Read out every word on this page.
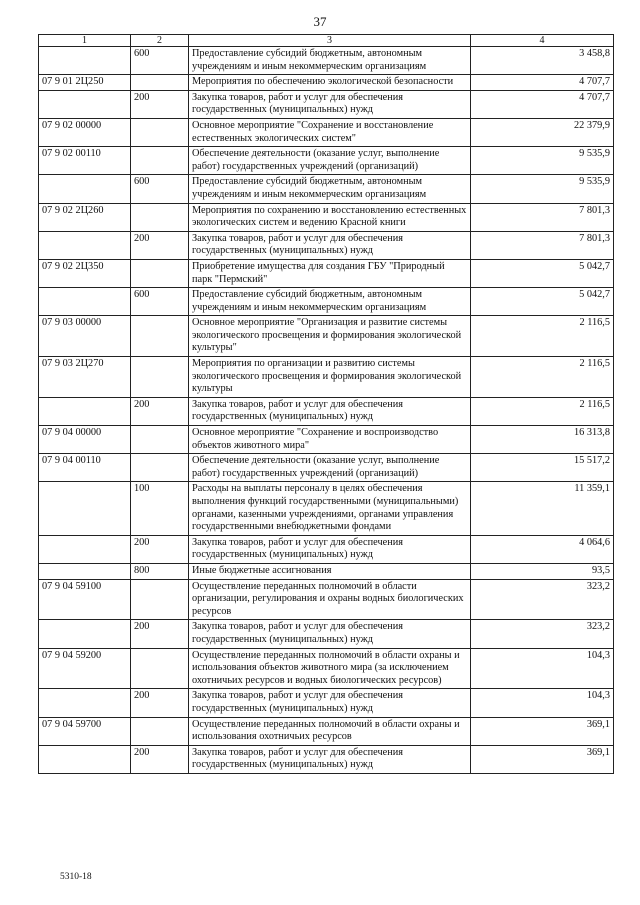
37
1	2	3	4
	600	Предоставление субсидий бюджетным, автономным учреждениям и иным некоммерческим организациям	3 458,8
07 9 01 2Ц250		Мероприятия по обеспечению экологической безопасности	4 707,7
	200	Закупка товаров, работ и услуг для обеспечения государственных (муниципальных) нужд	4 707,7
07 9 02 00000		Основное мероприятие "Сохранение и восстановление естественных экологических систем"	22 379,9
07 9 02 00110		Обеспечение деятельности (оказание услуг, выполнение работ) государственных учреждений (организаций)	9 535,9
	600	Предоставление субсидий бюджетным, автономным учреждениям и иным некоммерческим организациям	9 535,9
07 9 02 2Ц260		Мероприятия по сохранению и восстановлению естественных экологических систем и ведению Красной книги	7 801,3
	200	Закупка товаров, работ и услуг для обеспечения государственных (муниципальных) нужд	7 801,3
07 9 02 2Ц350		Приобретение имущества для создания ГБУ "Природный парк "Пермский"	5 042,7
	600	Предоставление субсидий бюджетным, автономным учреждениям и иным некоммерческим организациям	5 042,7
07 9 03 00000		Основное мероприятие "Организация и развитие системы экологического просвещения и формирования экологической культуры"	2 116,5
07 9 03 2Ц270		Мероприятия по организации и развитию системы экологического просвещения и формирования экологической культуры	2 116,5
	200	Закупка товаров, работ и услуг для обеспечения государственных (муниципальных) нужд	2 116,5
07 9 04 00000		Основное мероприятие "Сохранение и воспроизводство объектов животного мира"	16 313,8
07 9 04 00110		Обеспечение деятельности (оказание услуг, выполнение работ) государственных учреждений (организаций)	15 517,2
	100	Расходы на выплаты персоналу в целях обеспечения выполнения функций государственными (муниципальными) органами, казенными учреждениями, органами управления государственными внебюджетными фондами	11 359,1
	200	Закупка товаров, работ и услуг для обеспечения государственных (муниципальных) нужд	4 064,6
	800	Иные бюджетные ассигнования	93,5
07 9 04 59100		Осуществление переданных полномочий в области организации, регулирования и охраны водных биологических ресурсов	323,2
	200	Закупка товаров, работ и услуг для обеспечения государственных (муниципальных) нужд	323,2
07 9 04 59200		Осуществление переданных полномочий в области охраны и использования объектов животного мира (за исключением охотничьих ресурсов и водных биологических ресурсов)	104,3
	200	Закупка товаров, работ и услуг для обеспечения государственных (муниципальных) нужд	104,3
07 9 04 59700		Осуществление переданных полномочий в области охраны и использования охотничьих ресурсов	369,1
	200	Закупка товаров, работ и услуг для обеспечения государственных (муниципальных) нужд	369,1
5310-18
